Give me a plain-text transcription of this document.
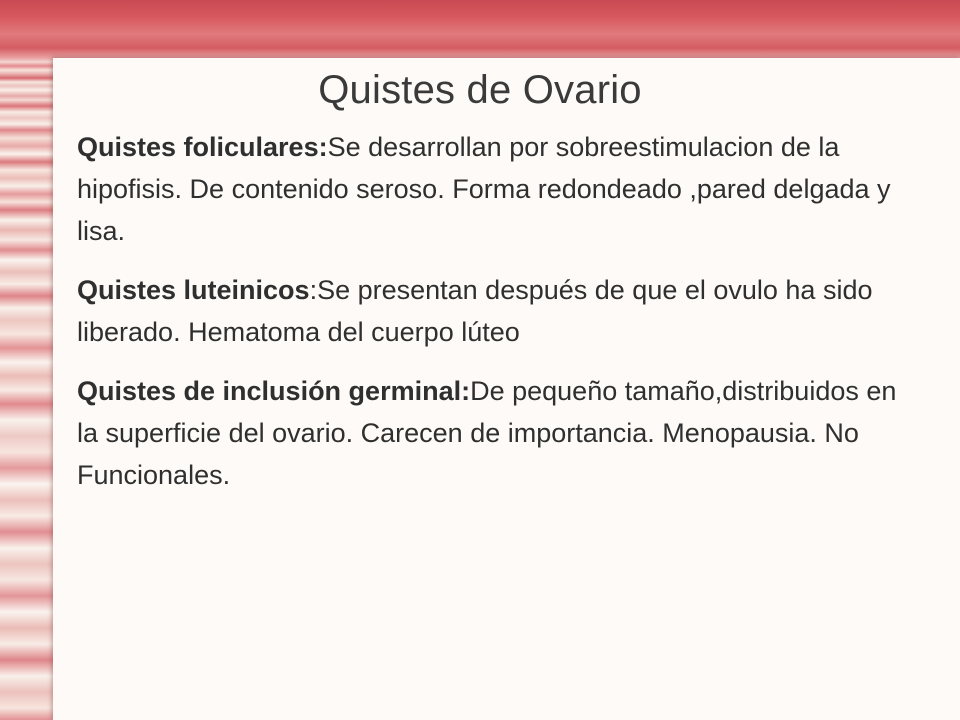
Quistes de Ovario

Quistes foliculares:Se desarrollan por sobreestimulacion de la hipofisis. De contenido seroso. Forma redondeado ,pared delgada y lisa.

Quistes luteinicos:Se presentan después de que el ovulo ha sido liberado. Hematoma del cuerpo lúteo

Quistes de inclusión germinal:De pequeño tamaño,distribuidos en la superficie del ovario. Carecen de importancia. Menopausia. No Funcionales.
